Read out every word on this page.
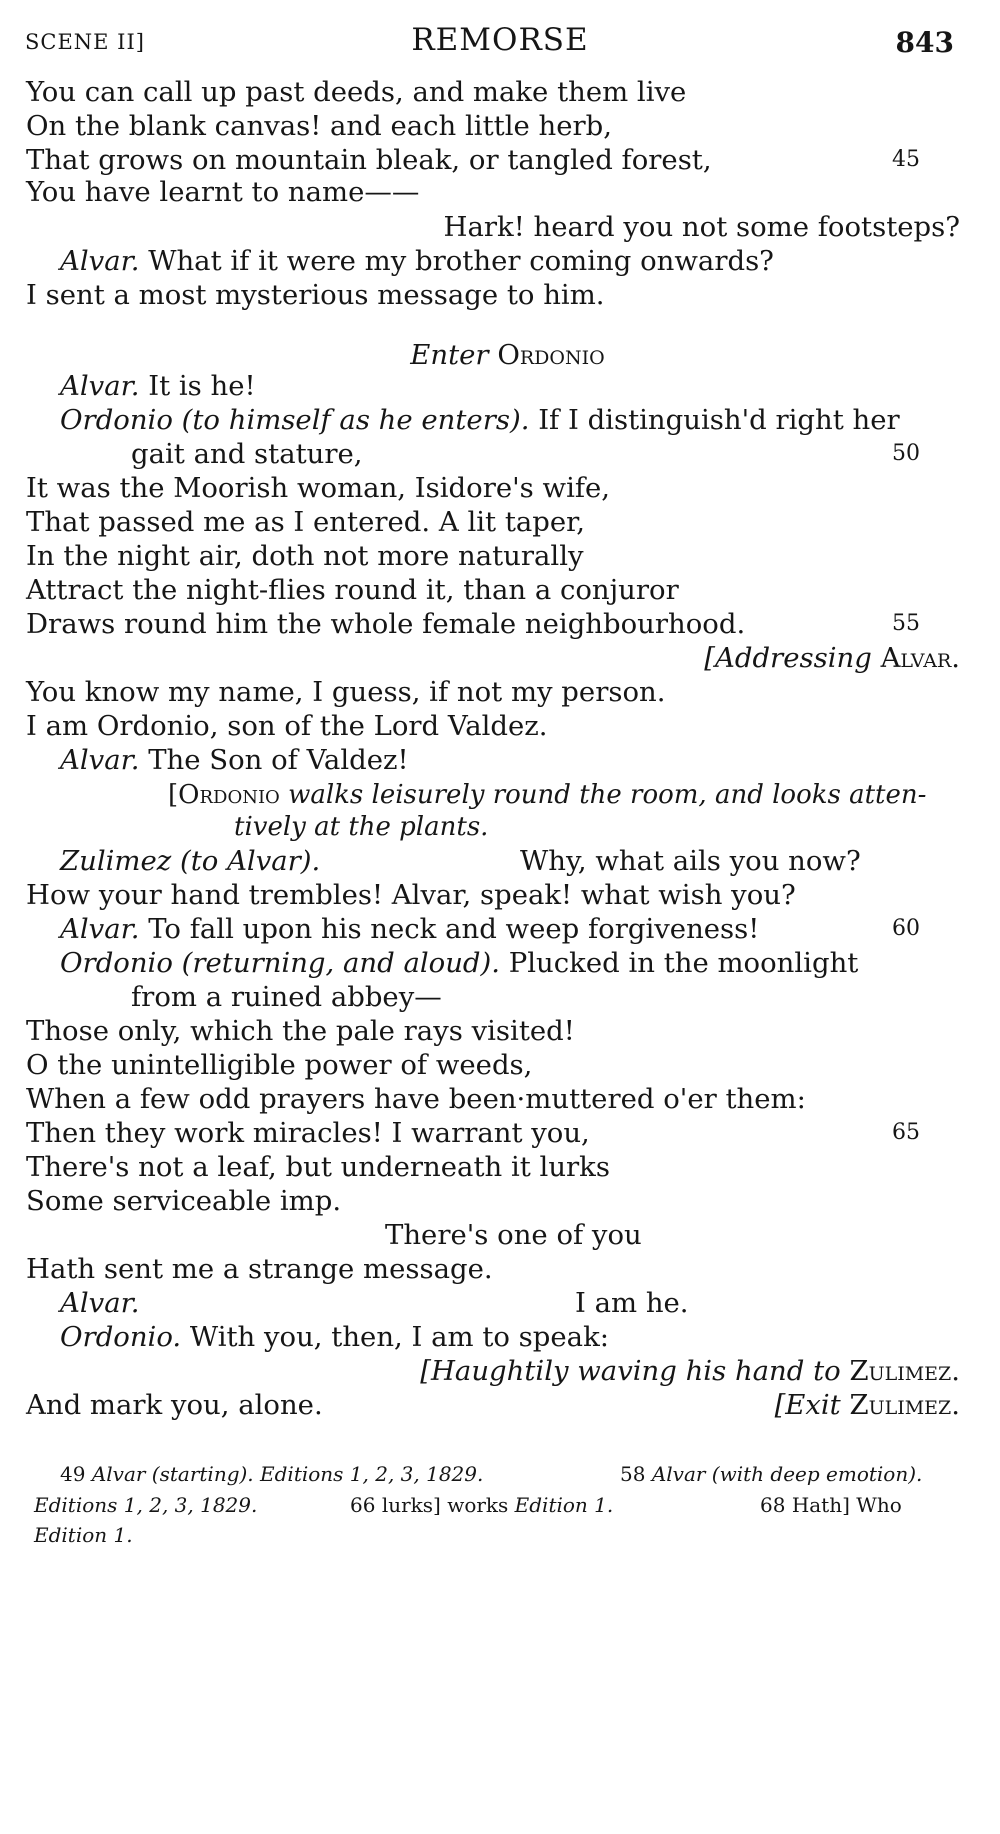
SCENE II]	REMORSE	843
You can call up past deeds, and make them live
On the blank canvas! and each little herb,
That grows on mountain bleak, or tangled forest,	45
You have learnt to name——
Hark! heard you not some footsteps?
Alvar. What if it were my brother coming onwards?
I sent a most mysterious message to him.
Enter Ordonio
Alvar. It is he!
Ordonio (to himself as he enters). If I distinguish'd right her
gait and stature,	50
It was the Moorish woman, Isidore's wife,
That passed me as I entered. A lit taper,
In the night air, doth not more naturally
Attract the night-flies round it, than a conjuror
Draws round him the whole female neighbourhood.	55
[Addressing Alvar.
You know my name, I guess, if not my person.
I am Ordonio, son of the Lord Valdez.
Alvar. The Son of Valdez!
[Ordonio walks leisurely round the room, and looks atten-
tively at the plants.
Zulimez (to Alvar).	Why, what ails you now?
How your hand trembles! Alvar, speak! what wish you?
Alvar. To fall upon his neck and weep forgiveness!	60
Ordonio (returning, and aloud). Plucked in the moonlight
from a ruined abbey—
Those only, which the pale rays visited!
O the unintelligible power of weeds,
When a few odd prayers have been·muttered o'er them:
Then they work miracles! I warrant you,	65
There's not a leaf, but underneath it lurks
Some serviceable imp.
There's one of you
Hath sent me a strange message.
Alvar.	I am he.
Ordonio. With you, then, I am to speak:
[Haughtily waving his hand to Zulimez.
And mark you, alone.	[Exit Zulimez.
49 Alvar (starting). Editions 1, 2, 3, 1829.	58 Alvar (with deep emotion).
Editions 1, 2, 3, 1829.	66 lurks] works Edition 1.	68 Hath] Who
Edition 1.
